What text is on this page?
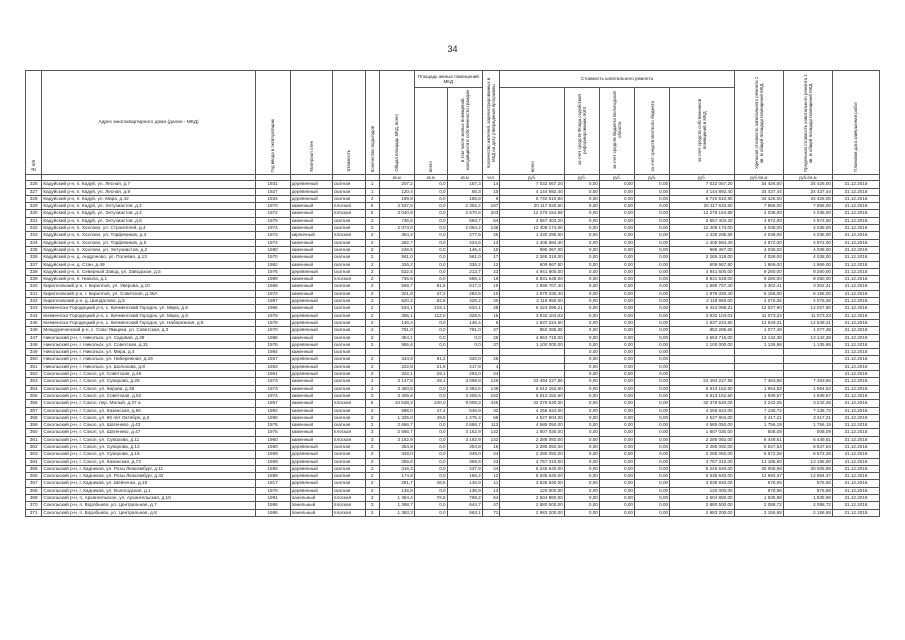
34
№ п/п	Адрес многоквартирного дома (далее - МКД)	Год ввода в эксплуатацию	Материал стен	Этажность	Количество подъездов	Общая площадь МКД, всего	Площадь жилых помещений МКД		Количество жителей, зарегистрированных в МКД на дату утверждения программы	Стоимость капитального ремонта					Удельная стоимость капитального ремонта 1 кв. м общей площади помещений МКД	Предельная стоимость капитального ремонта 1 кв. м общей площади помещений МКД	Плановая дата завершения работ
							всего	в том числе жилых помещений, находящихся в собственности граждан		всего	за счет средств Фонда содействия реформированию ЖКХ	за счет средств бюджета Вологодской области	за счет средств местного бюджета	за счет средств собственников помещений в МКД			
						кв.м	кв.м	кв.м	чел.	руб.	руб.	руб.	руб.	руб.	руб./кв.м	руб./кв.м	
326	Кадуйский р-н, п. Кадуй, ул. Лесная, д.7	1931	деревянный	скатная	1	207,2	0,0	157,3	14	7 032 067,20	0,00	0,00	0,00	7 032 067,20	34 426,00	34 426,00	31.12.2018
327	Кадуйский р-н, п. Кадуй, ул. Лесная, д.9	1927	деревянный	скатная	1	120,4	0,0	65,3	10	4 144 892,40	0,00	0,00	0,00	4 144 892,40	34 437,44	34 437,44	31.12.2018
328	Кадуйский р-н, п. Кадуй, ул. Мира, д.42	1934	деревянный	скатная	2	189,8	0,0	185,8	9	6 740 610,80	0,00	0,00	0,00	6 740 610,80	34 426,00	34 426,00	31.12.2018
329	Кадуйский р-н, п. Кадуй, ул. Энтузиастов, д.2	1970	каменный	плоская	5	2 537,6	0,0	2 392,2	167	20 117 633,60	0,00	0,00	0,00	20 117 633,60	7 856,00	7 856,00	31.12.2018
330	Кадуйский р-н, п. Кадуй, ул. Энтузиастов, д.4	1972	каменный	плоская	5	3 040,9	0,0	2 570,6	203	12 279 154,88	0,00	0,00	0,00	12 279 154,88	4 038,00	4 038,00	31.12.2018
331	Кадуйский р-н, п. Кадуй, ул. Энтузиастов, д.6	1975	каменный	скатная	2	736,6	0,0	694,7	54	3 657 403,20	0,00	0,00	0,00	3 657 403,20	4 972,00	4 972,00	31.12.2018
332	Кадуйский р-н, п. Хохлово, ул. Строителей, д.4	1974	каменный	скатная	3	2 073,0	0,0	2 064,2	138	12 408 174,00	0,00	0,00	0,00	12 408 174,00	4 038,00	4 038,00	31.12.2018
333	Кадуйский р-н, п. Хохлово, ул. Торфяников, д.3	1973	кирпичный	плоская	2	354,2	0,0	277,6	26	1 430 295,60	0,00	0,00	0,00	1 430 295,60	4 038,00	4 038,00	31.12.2018
334	Кадуйский р-н, п. Хохлово, ул. Торфяников, д.5	1974	каменный	скатная	2	282,7	0,0	224,6	13	1 405 584,40	0,00	0,00	0,00	1 405 584,40	4 972,00	4 972,00	31.12.2018
335	Кадуйский р-н, п. Хохлово, ул. Энтузиастов, д.2	1980	каменный	скатная	2	246,5	0,0	145,4	10	995 367,00	0,00	0,00	0,00	995 367,00	4 038,00	4 038,00	31.12.2018
336	Кадуйский р-н, д. Андроново, ул. Полевая, д.13	1970	каменный	скатная	2	561,0	0,0	561,0	17	2 265 318,00	0,00	0,00	0,00	2 265 318,00	4 038,00	4 038,00	31.12.2018
337	Кадуйский р-н, д. Стан, д.49	1982	каменный	скатная	2	326,2	0,0	326,2	12	609 667,80	0,00	0,00	0,00	609 667,80	1 869,00	1 869,00	31.12.2018
338	Кадуйский р-н, п. Северный Завод, ул. Заводская, д.5	1976	деревянный	скатная	2	532,5	0,0	213,7	23	4 941 600,00	0,00	0,00	0,00	4 941 600,00	9 280,00	9 280,00	31.12.2018
339	Кадуйский р-н, п. Никола, д.1	1989	каменный	плоская	2	736,6	0,0	686,4	19	6 831 648,00	0,00	0,00	0,00	6 831 648,00	9 280,00	9 280,00	31.12.2018
340	Кирилловский р-н, г. Кириллов, ул. Уверова, д.10	1968	каменный	скатная	2	569,7	81,6	517,3	19	1 895 707,40	0,00	0,00	0,00	1 895 707,40	3 302,41	3 302,41	31.12.2018
341	Кирилловский р-н, г. Кириллов, ул. Советская, д.35А	1972	каменный	скатная	2	321,8	37,2	284,5	10	1 979 330,40	0,00	0,00	0,00	1 979 330,40	6 156,00	6 156,00	31.12.2018
342	Кирилловский р-н, д. Шиндалово, д.5	1987	деревянный	скатная	2	520,2	92,5	425,2	20	2 119 950,00	0,00	0,00	0,00	2 119 950,00	4 075,36	4 075,36	31.12.2018
343	Кичменгско-Городецкий р-н, с. Кичменгский Городок, ул. Мира, д.5	1966	каменный	скатная	2	534,1	219,1	534,1	28	6 424 098,21	0,00	0,00	0,00	6 424 098,21	12 027,90	12 027,90	31.12.2018
344	Кичменгско-Городецкий р-н, с. Кичменгский Городок, ул. Мира, д.6	1978	деревянный	скатная	2	355,1	112,0	328,5	15	3 932 104,03	0,00	0,00	0,00	3 932 104,03	11 073,23	11 073,23	31.12.2018
345	Кичменгско-Городецкий р-н, с. Кичменгский Городок, ул. Набережная, д.8	1978	деревянный	скатная	2	146,4	0,0	146,4	6	1 837 224,60	0,00	0,00	0,00	1 837 224,60	12 549,31	12 549,31	31.12.2018
346	Междуреченский р-н, с. Спас-Ямщики, ул. Советская, д.3	1970	деревянный	скатная	2	791,0	0,0	791,0	27	852 285,65	0,00	0,00	0,00	852 285,65	1 077,48	1 077,48	31.12.2018
347	Никольский р-н, г. Никольск, ул. Садовая, д.39	1986	каменный	скатная	2	354,1	0,0	0,0	25	4 653 715,00	0,00	0,00	0,00	4 653 715,00	13 142,38	13 142,38	31.12.2018
348	Никольский р-н, г. Никольск, ул. Советская, д.31	1976	деревянный	скатная	2	955,6	0,0	0,0	37	1 100 000,00	0,00	0,00	0,00	1 100 000,00	1 135,86	1 135,86	31.12.2018
349	Никольский р-н, г. Никольск, ул. Мира, д.4	1984	каменный	скатная							0,00	0,00	0,00				31.12.2018
350	Никольский р-н, г. Никольск, ул. Набережная, д.29	1957	деревянный	скатная	2	344,9	91,2	320,0	26		0,00	0,00	0,00				31.12.2018
351	Никольский р-н, г. Никольск, ул. Шолохова, д.8	1963	деревянный	скатная	2	222,8	21,8	217,8	4		0,00	0,00	0,00				31.12.2018
352	Сокольский р-н, г. Сокол, ул. Советская, д.46	1961	деревянный	скатная	2	322,1	29,1	293,0	24		0,00	0,00	0,00				31.12.2018
353	Сокольский р-н, г. Сокол, ул. Суворова, д.28	1973	каменный	скатная	3	3 147,8	49,1	3 098,8	125	23 494 227,86	0,00	0,00	0,00	23 494 227,86	7 463,66	7 463,66	31.12.2018
354	Сокольский р-н, г. Сокол, ул. Кирова, д.38	1973	каменный	скатная	3	3 383,5	0,0	3 383,5	139	6 613 152,60	0,00	0,00	0,00	6 613 152,60	1 954,53	1 954,53	31.12.2018
355	Сокольский р-н, г. Сокол, ул. Советская, д.52	1974	каменный	скатная	3	3 409,6	0,0	3 406,6	152	6 613 152,60	0,00	0,00	0,00	6 613 152,60	1 939,57	1 939,57	31.12.2018
356	Сокольский р-н, г. Сокол, пер. Малый, д.37 а	1967	каменный	плоская	5	10 648,3	240,0	9 608,3	446	32 378 520,00	0,00	0,00	0,00	32 378 520,00	3 242,25	3 242,25	31.12.2018
357	Сокольский р-н, г. Сокол, ул. Казанская, д.66	1992	каменный	скатная	2	586,0	47,4	545,9	32	4 256 624,00	0,00	0,00	0,00	4 256 624,00	7 136,72	7 136,72	31.12.2018
358	Сокольский р-н, г. Сокол, ул. 60 лет Октября, д.6	1996	каменный	скатная	2	1 325,0	49,6	1 275,4	59	4 527 804,00	0,00	0,00	0,00	4 527 804,00	3 417,21	3 417,21	31.12.2018
359	Сокольский р-н, г. Сокол, ул. Шатенево, д.43	1976	каменный	скатная	2	2 666,7	0,0	2 666,7	113	4 585 050,00	0,00	0,00	0,00	4 585 050,00	1 756,19	1 756,19	31.12.2018
360	Сокольский р-н, г. Сокол, ул. Шатенево, д.47	1975	каменный	плоская	3	2 666,7	0,0	3 162,9	142	1 607 030,00	0,00	0,00	0,00	1 607 030,00	508,09	508,09	31.12.2018
361	Сокольский р-н, г. Сокол, ул. Суворова, д.11	1960	каменный	плоская	3	3 162,9	0,0	3 162,9	142	2 285 092,00	0,00	0,00	0,00	2 285 092,00	6 449,51	6 449,51	31.12.2018
362	Сокольский р-н, г. Сокол, ул. Суворова, д.13	1960	деревянный	скатная	2	354,8	0,0	354,8	16	2 285 092,00	0,00	0,00	0,00	2 285 092,00	6 547,54	6 547,54	31.12.2018
363	Сокольский р-н, г. Сокол, ул. Суворова, д.15	1959	деревянный	скатная	2	349,0	0,0	349,0	24	2 285 092,00	0,00	0,00	0,00	2 285 092,00	6 572,26	6 572,26	31.12.2018
364	Сокольский р-н, г. Сокол, ул. Казанская, д.73	1959	деревянный	скатная	2	359,6	0,0	359,6	23	4 757 310,00	0,00	0,00	0,00	4 757 310,00	13 186,50	13 186,50	31.12.2018
365	Сокольский р-н, г. Кадников, ул. Розы Люксембург, д.11	1886	деревянный	скатная	2	316,3	0,0	237,9	24	5 245 640,00	0,00	0,00	0,00	5 245 640,00	30 005,98	30 005,98	31.12.2018
366	Сокольский р-н, г. Кадников, ул. Розы Люксембург, д.32	1899	деревянный	скатная	2	174,8	0,0	156,2	12	5 535 640,00	0,00	0,00	0,00	5 535 640,00	12 694,37	12 694,37	31.12.2018
367	Сокольский р-н, г. Кадников, ул. Шевченко, д.10	1917	деревянный	скатная	2	281,7	48,5	145,9	11	3 538 840,00	0,00	0,00	0,00	3 538 840,00	576,65	576,65	31.12.2018
368	Сокольский р-н, г. Кадников, ул. Вологодская, д.1	1976	деревянный	скатная	2	136,8	0,0	136,9	13	120 000,00	0,00	0,00	0,00	120 000,00	876,88	876,88	31.12.2018
369	Сокольский р-н, п. Архангельское, ул. Архангельская, д.10	1991	панельный	плоская	3	1 364,4	76,5	769,2	64	2 504 880,00	0,00	0,00	0,00	2 504 880,00	1 835,98	1 835,98	31.12.2018
370	Сокольский р-н, п. Воробьево, ул. Центральная, д.7	1986	панельный	плоская	3	1 368,7	0,0	644,7	47	2 880 500,00	0,00	0,00	0,00	2 880 500,00	2 088,72	2 088,72	31.12.2018
371	Сокольский р-н, п. Воробьево, ул. Центральная, д.8	1986	панельный	плоская	3	1 383,3	0,0	863,1	71	2 983 200,00	0,00	0,00	0,00	2 983 200,00	2 155,88	2 155,88	31.12.2018
